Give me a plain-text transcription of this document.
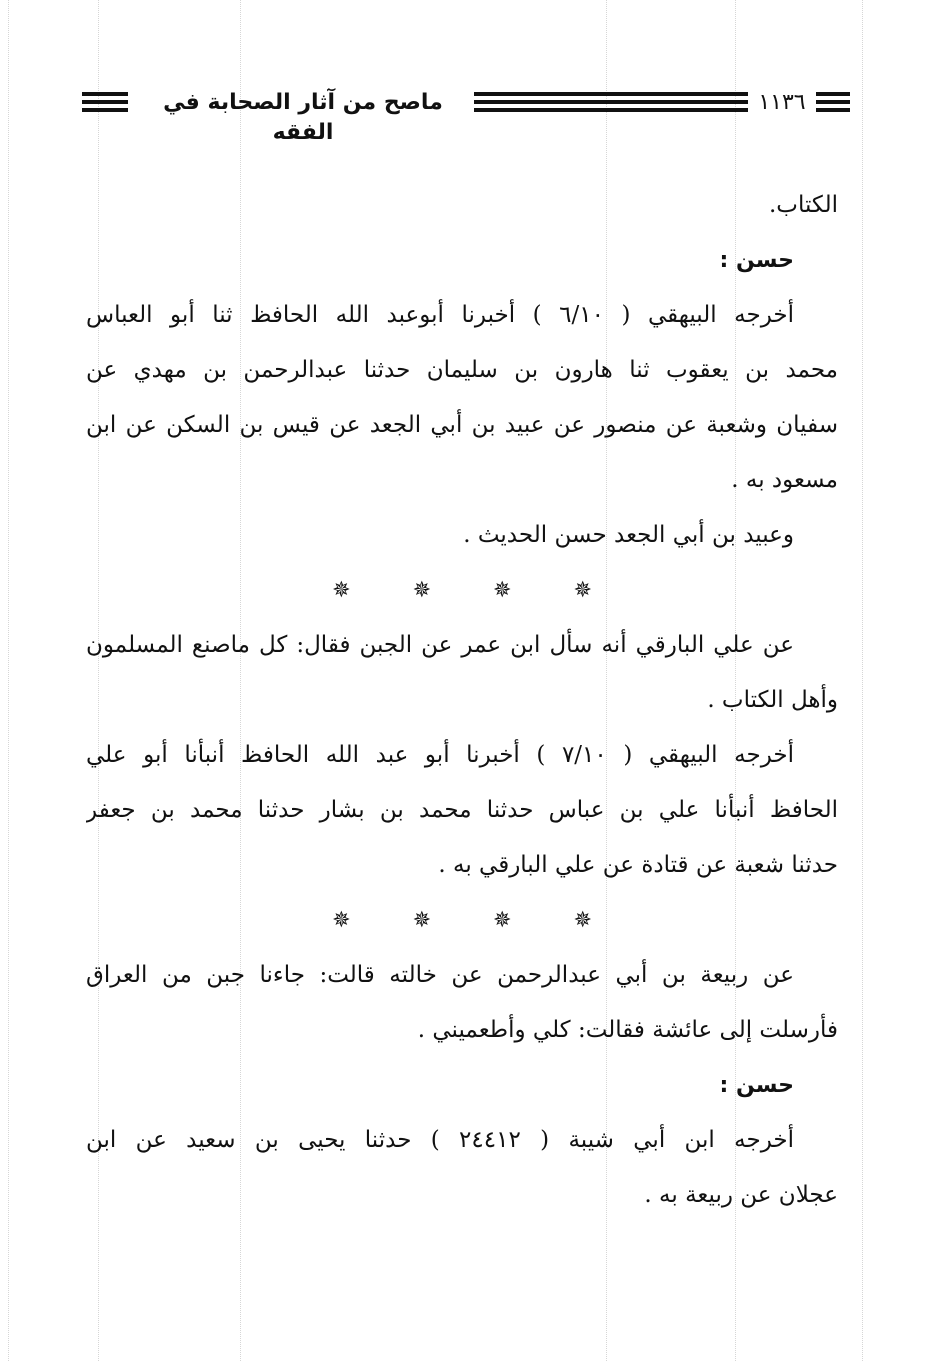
ماصح من آثار الصحابة في الفقه
١١٣٦
الكتاب.
حسن :
أخرجه البيهقي ( ٦/١٠ ) أخبرنا أبوعبد الله الحافظ ثنا أبو العباس
محمد بن يعقوب ثنا هارون بن سليمان حدثنا عبدالرحمن بن مهدي عن
سفيان وشعبة عن منصور عن عبيد بن أبي الجعد عن قيس بن السكن عن ابن
مسعود به .
وعبيد بن أبي الجعد حسن الحديث .
✵	✵	✵	✵
عن علي البارقي أنه سأل ابن عمر عن الجبن فقال: كل ماصنع المسلمون
وأهل الكتاب .
أخرجه البيهقي ( ٧/١٠ ) أخبرنا أبو عبد الله الحافظ أنبأنا أبو علي
الحافظ أنبأنا علي بن عباس حدثنا محمد بن بشار حدثنا محمد بن جعفر
حدثنا شعبة عن قتادة عن علي البارقي به .
✵	✵	✵	✵
عن ربيعة بن أبي عبدالرحمن عن خالته قالت: جاءنا جبن من العراق
فأرسلت إلى عائشة فقالت: كلي وأطعميني .
حسن :
أخرجه ابن أبي شيبة ( ٢٤٤١٢ ) حدثنا يحيى بن سعيد عن ابن
عجلان عن ربيعة به .
